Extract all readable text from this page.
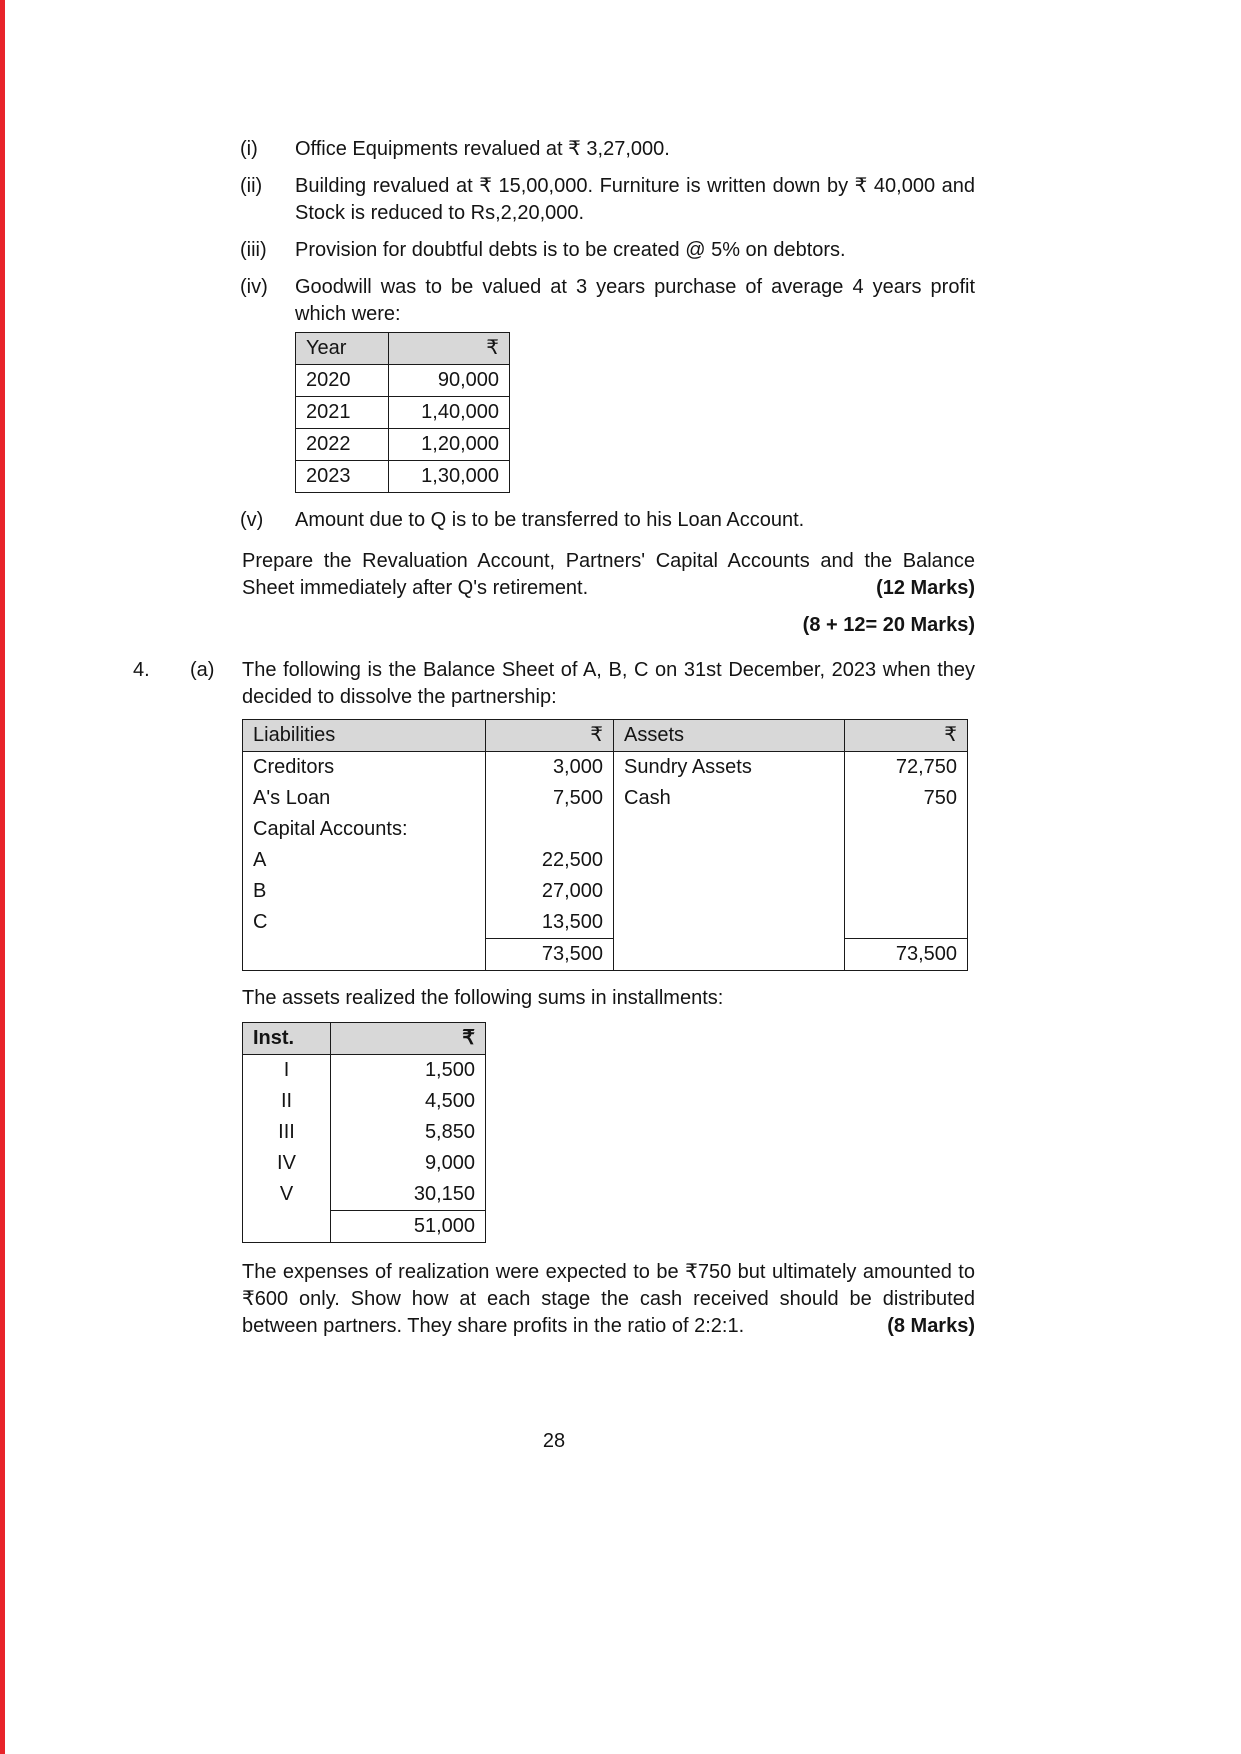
(i)	Office Equipments revalued at ₹ 3,27,000.
(ii)	Building revalued at ₹ 15,00,000. Furniture is written down by ₹ 40,000 and Stock is reduced to Rs,2,20,000.
(iii)	Provision for doubtful debts is to be created @ 5% on debtors.
(iv)	Goodwill was to be valued at 3 years purchase of average 4 years profit which were:
Year	₹
2020	90,000
2021	1,40,000
2022	1,20,000
2023	1,30,000
(v)	Amount due to Q is to be transferred to his Loan Account.
Prepare the Revaluation Account, Partners' Capital Accounts and the Balance Sheet immediately after Q's retirement.	(12 Marks)
(8 + 12= 20 Marks)
4.	(a)	The following is the Balance Sheet of A, B, C on 31st December, 2023 when they decided to dissolve the partnership:
Liabilities	₹	Assets	₹
Creditors	3,000	Sundry Assets	72,750
A's Loan	7,500	Cash	750
Capital Accounts:			
A	22,500		
B	27,000		
C	13,500		
	73,500		73,500
The assets realized the following sums in installments:
Inst.	₹
I	1,500
II	4,500
III	5,850
IV	9,000
V	30,150
	51,000
The expenses of realization were expected to be ₹750 but ultimately amounted to ₹600 only. Show how at each stage the cash received should be distributed between partners. They share profits in the ratio of 2:2:1.	(8 Marks)
28
